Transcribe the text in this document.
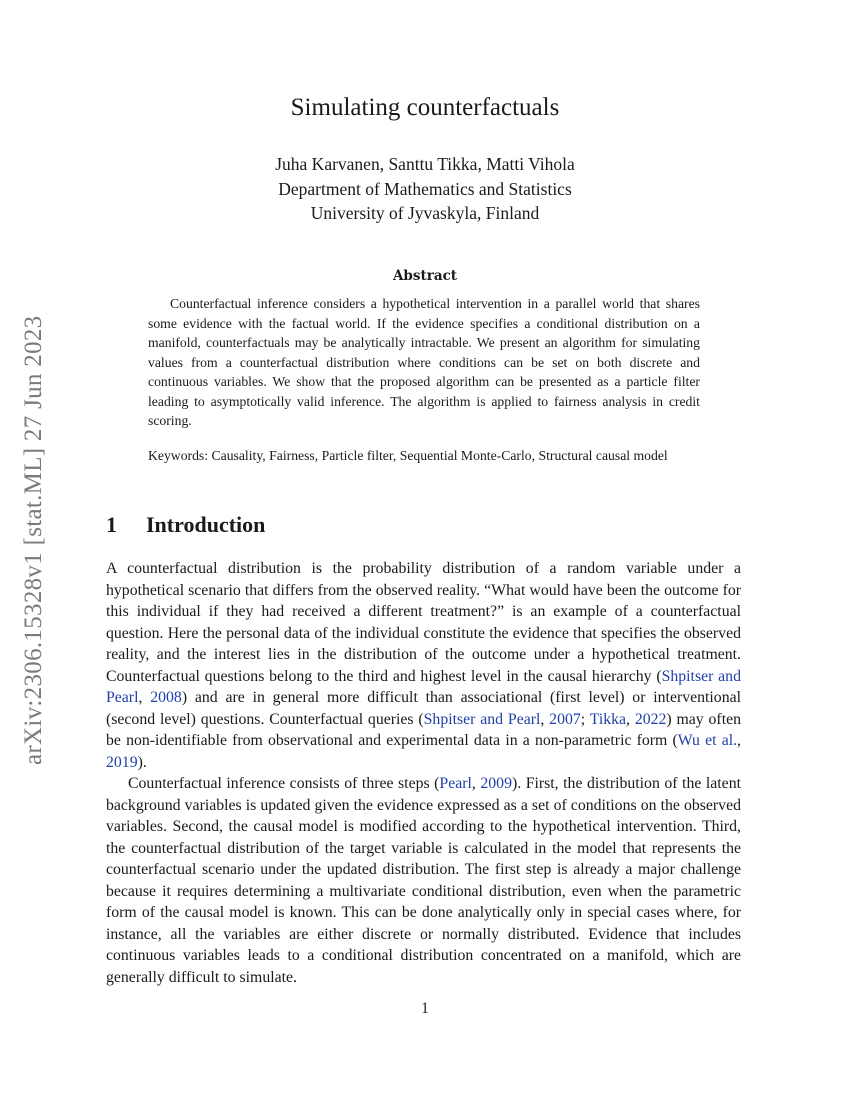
arXiv:2306.15328v1 [stat.ML] 27 Jun 2023
Simulating counterfactuals
Juha Karvanen, Santtu Tikka, Matti Vihola
Department of Mathematics and Statistics
University of Jyvaskyla, Finland
Abstract

Counterfactual inference considers a hypothetical intervention in a parallel world that shares some evidence with the factual world. If the evidence specifies a conditional distribution on a manifold, counterfactuals may be analytically intractable. We present an algorithm for simulating values from a counterfactual distribution where conditions can be set on both discrete and continuous variables. We show that the proposed algorithm can be presented as a particle filter leading to asymptotically valid inference. The algorithm is applied to fairness analysis in credit scoring.

Keywords: Causality, Fairness, Particle filter, Sequential Monte-Carlo, Structural causal model
1 Introduction

A counterfactual distribution is the probability distribution of a random variable under a hypothetical scenario that differs from the observed reality. “What would have been the outcome for this individual if they had received a different treatment?” is an example of a counterfactual question. Here the personal data of the individual constitute the evidence that specifies the observed reality, and the interest lies in the distribution of the outcome under a hypothetical treatment. Counterfactual questions belong to the third and highest level in the causal hierarchy (Shpitser and Pearl, 2008) and are in general more difficult than associational (first level) or interventional (second level) questions. Counterfactual queries (Shpitser and Pearl, 2007; Tikka, 2022) may often be non-identifiable from observational and experimental data in a non-parametric form (Wu et al., 2019).

Counterfactual inference consists of three steps (Pearl, 2009). First, the distribution of the latent background variables is updated given the evidence expressed as a set of conditions on the observed variables. Second, the causal model is modified according to the hypothetical intervention. Third, the counterfactual distribution of the target variable is calculated in the model that represents the counterfactual scenario under the updated distribution. The first step is already a major challenge because it requires determining a multivariate conditional distribution, even when the parametric form of the causal model is known. This can be done analytically only in special cases where, for instance, all the variables are either discrete or normally distributed. Evidence that includes continuous variables leads to a conditional distribution concentrated on a manifold, which are generally difficult to simulate.

1
